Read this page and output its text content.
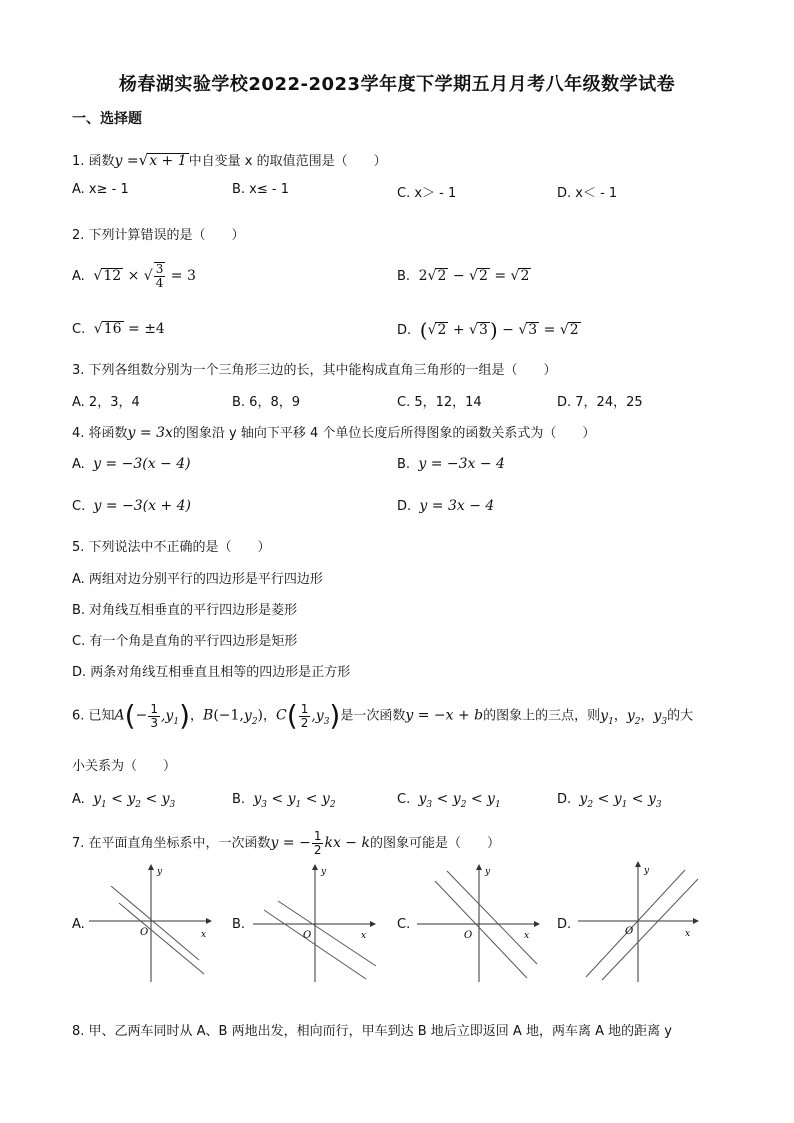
杨春湖实验学校2022-2023学年度下学期五月月考八年级数学试卷
一、选择题
1. 函数y =√x + 1 中自变量 x 的取值范围是（　　）
A. x≥ - 1	B. x≤ - 1	C. x＞ - 1	D. x＜ - 1
2. 下列计算错误的是（　　）
A.  √12 × √ $\frac{3}{4} = 3$	B.  2√2 − √2 = √2
C.  √16 = ±4	D. (√2 + √3 ) − √3 = √2
3. 下列各组数分别为一个三角形三边的长，其中能构成直角三角形的一组是（　　）
A. 2，3，4	B. 6，8，9	C. 5，12，14	D. 7，24，25
4. 将函数y = 3x的图象沿 y 轴向下平移 4 个单位长度后所得图象的函数关系式为（　　）
A. y = −3(x − 4)	B. y = −3x − 4
C. y = −3(x + 4)	D. y = 3x − 4
5. 下列说法中不正确的是（　　）
A. 两组对边分别平行的四边形是平行四边形
B. 对角线互相垂直的平行四边形是菱形
C. 有一个角是直角的平行四边形是矩形
D. 两条对角线互相垂直且相等的四边形是正方形
6. 已知$A(- \frac{1}{3} ,y_1)$，$B(-1,y_2)$，$C( \frac{1}{2} ,y_3)$是一次函数y = −x + b的图象上的三点，则$y_1$，$y_2$，$y_3$的大
小关系为（　　）
A. $y_1 < y_2 < y_3$	B. $y_3 < y_1 < y_2$	C. $y_3 < y_2 < y_1$	D. $y_2 < y_1 < y_3$
7. 在平面直角坐标系中，一次函数y = − $\frac{1}{2}$ kx − k的图象可能是（　　）
A.	B.	C.	D.
y
x
O
y
x
O
y
x
O
y
x
O
8. 甲、乙两车同时从 A、B 两地出发，相向而行，甲车到达 B 地后立即返回 A 地，两车离 A 地的距离 y
